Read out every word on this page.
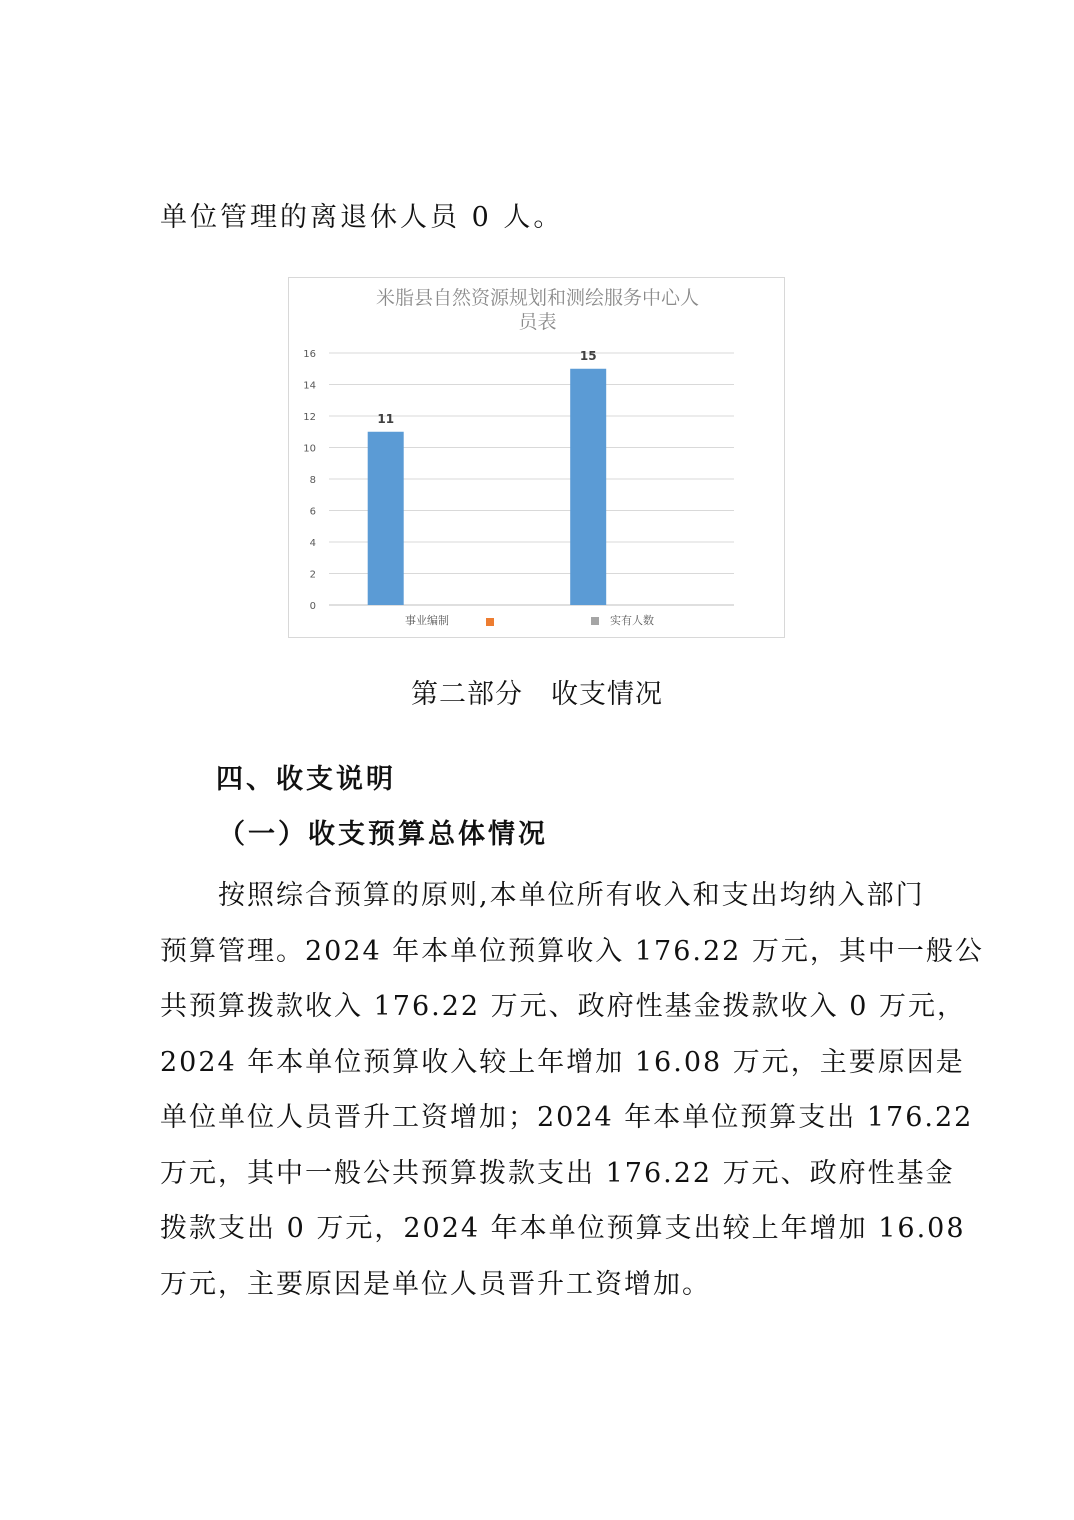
单位管理的离退休人员 0 人。
米脂县自然资源规划和测绘服务中心人
员表
0
2
4
6
8
10
12
14
16
11
15
事业编制	实有人数
第二部分　收支情况
四、收支说明
（一）收支预算总体情况
　　按照综合预算的原则,本单位所有收入和支出均纳入部门
预算管理。2024 年本单位预算收入 176.22 万元，其中一般公
共预算拨款收入 176.22 万元、政府性基金拨款收入 0 万元，
2024 年本单位预算收入较上年增加 16.08 万元，主要原因是
单位单位人员晋升工资增加；2024 年本单位预算支出 176.22
万元，其中一般公共预算拨款支出 176.22 万元、政府性基金
拨款支出 0 万元，2024 年本单位预算支出较上年增加 16.08
万元，主要原因是单位人员晋升工资增加。
